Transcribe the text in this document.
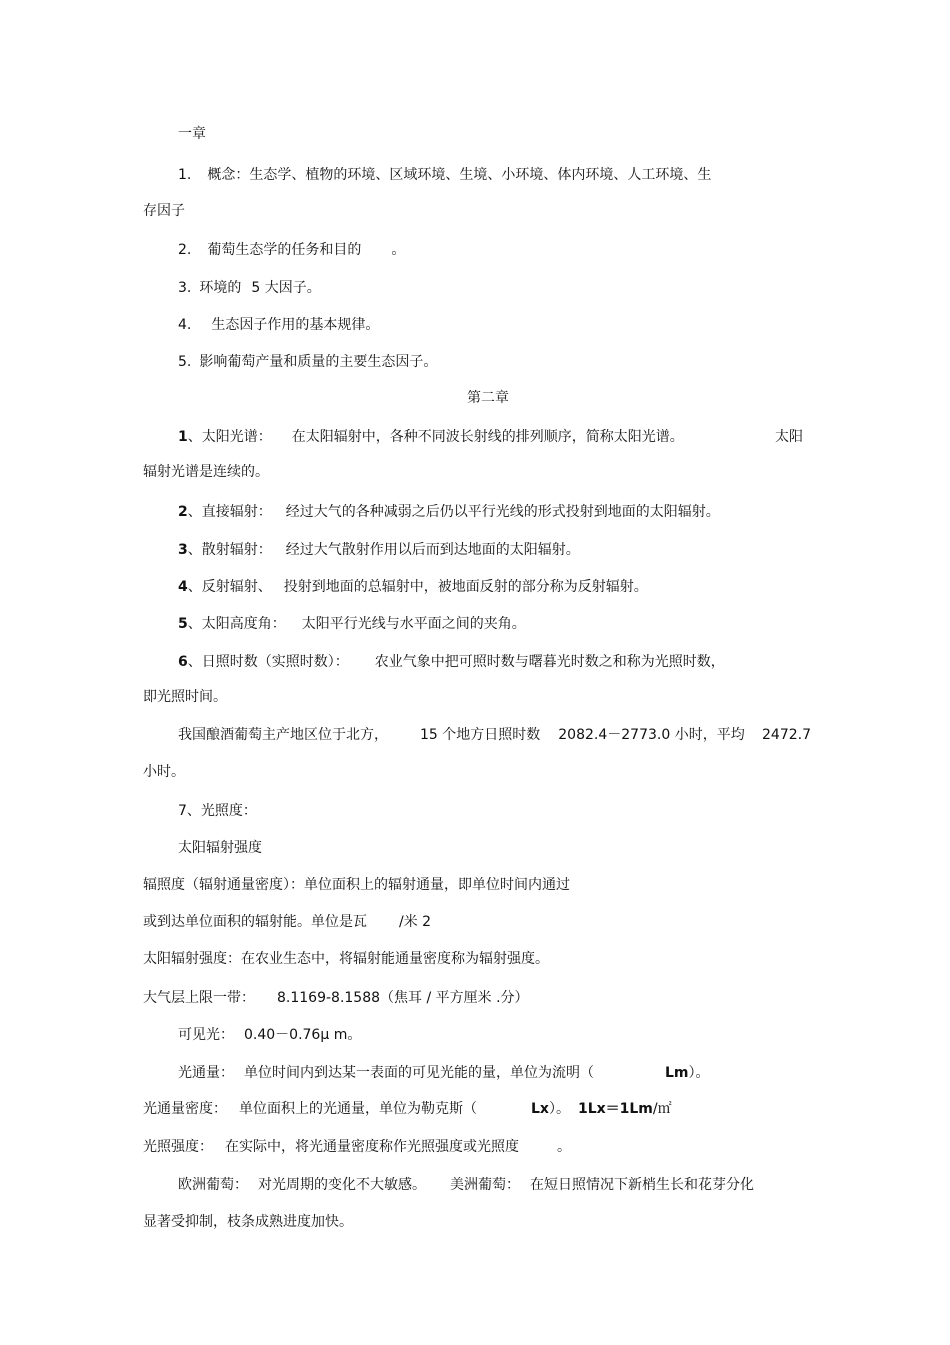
一章
1. 概念：生态学、植物的环境、区域环境、生境、小环境、体内环境、人工环境、生
存因子
2. 葡萄生态学的任务和目的 。
3. 环境的 5 大因子。
4. 生态因子作用的基本规律。
5. 影响葡萄产量和质量的主要生态因子。
第二章
1、太阳光谱： 在太阳辐射中，各种不同波长射线的排列顺序，简称太阳光谱。	太阳
辐射光谱是连续的。
2、直接辐射： 经过大气的各种减弱之后仍以平行光线的形式投射到地面的太阳辐射。
3、散射辐射： 经过大气散射作用以后而到达地面的太阳辐射。
4、反射辐射、 投射到地面的总辐射中，被地面反射的部分称为反射辐射。
5、太阳高度角： 太阳平行光线与水平面之间的夹角。
6、日照时数（实照时数）： 农业气象中把可照时数与曙暮光时数之和称为光照时数，
即光照时间。
我国酿酒葡萄主产地区位于北方， 15 个地方日照时数 2082.4－2773.0 小时，平均 2472.7
小时。
7、光照度：
太阳辐射强度
辐照度（辐射通量密度）：单位面积上的辐射通量，即单位时间内通过
或到达单位面积的辐射能。单位是瓦 /米 2
太阳辐射强度：在农业生态中，将辐射能通量密度称为辐射强度。
大气层上限一带： 8.1169-8.1588（焦耳 / 平方厘米 .分）
可见光： 0.40－0.76μ m。
光通量： 单位时间内到达某一表面的可见光能的量，单位为流明（	Lm）。
光通量密度： 单位面积上的光通量，单位为勒克斯（	Lx）。 1Lx＝1Lm/㎡
光照强度： 在实际中，将光通量密度称作光照强度或光照度	。
欧洲葡萄： 对光周期的变化不大敏感。 美洲葡萄： 在短日照情况下新梢生长和花芽分化
显著受抑制，枝条成熟进度加快。
